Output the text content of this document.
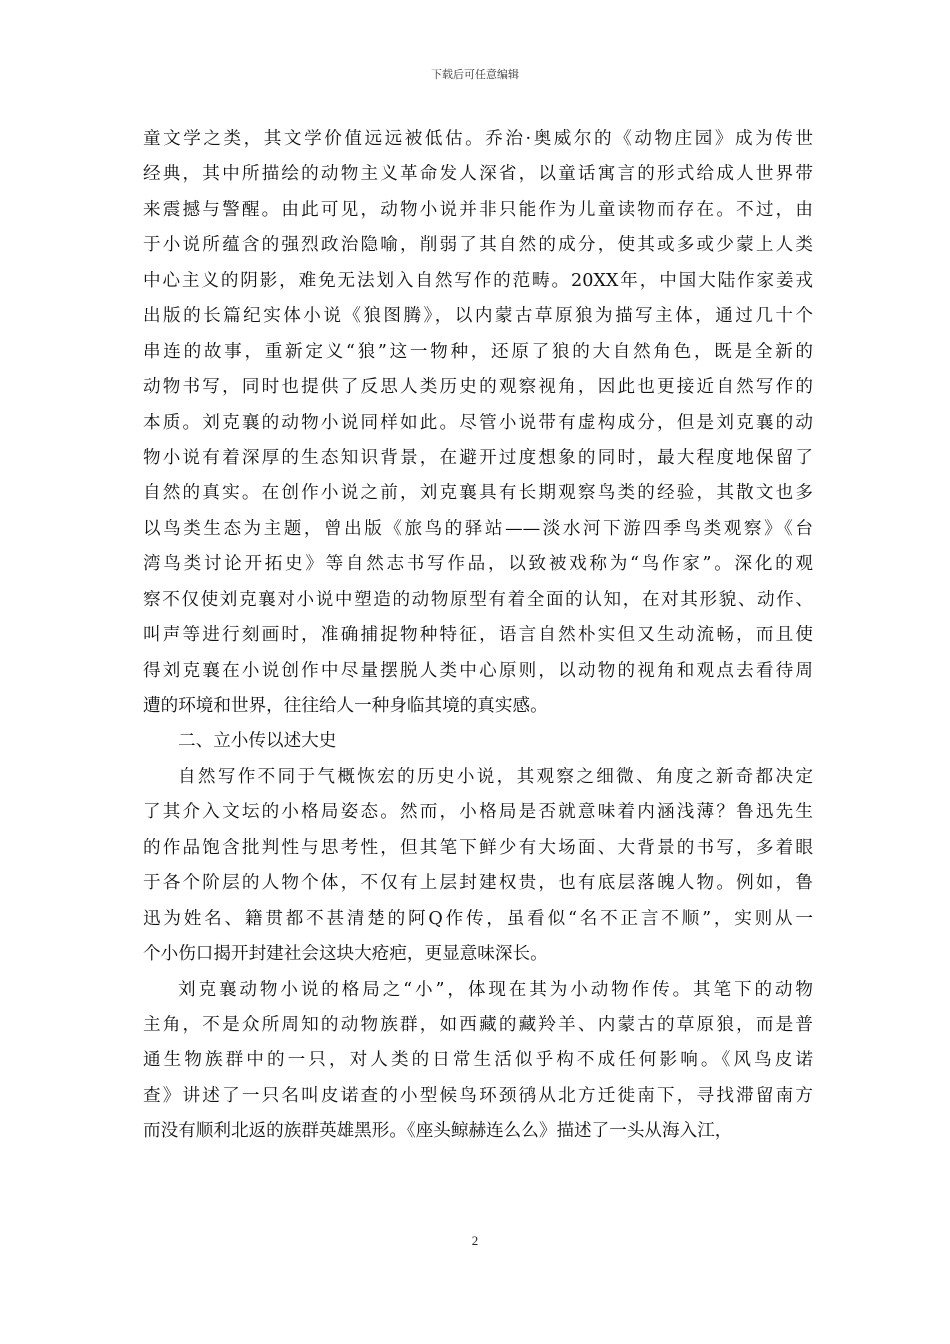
下载后可任意编辑
童文学之类，其文学价值远远被低估。乔治·奥威尔的《动物庄园》成为传世
经典，其中所描绘的动物主义革命发人深省，以童话寓言的形式给成人世界带
来震撼与警醒。由此可见，动物小说并非只能作为儿童读物而存在。不过，由
于小说所蕴含的强烈政治隐喻，削弱了其自然的成分，使其或多或少蒙上人类
中心主义的阴影，难免无法划入自然写作的范畴。20XX年，中国大陆作家姜戎
出版的长篇纪实体小说《狼图腾》，以内蒙古草原狼为描写主体，通过几十个
串连的故事，重新定义“狼”这一物种，还原了狼的大自然角色，既是全新的
动物书写，同时也提供了反思人类历史的观察视角，因此也更接近自然写作的
本质。刘克襄的动物小说同样如此。尽管小说带有虚构成分，但是刘克襄的动
物小说有着深厚的生态知识背景，在避开过度想象的同时，最大程度地保留了
自然的真实。在创作小说之前，刘克襄具有长期观察鸟类的经验，其散文也多
以鸟类生态为主题，曾出版《旅鸟的驿站——淡水河下游四季鸟类观察》《台
湾鸟类讨论开拓史》等自然志书写作品，以致被戏称为“鸟作家”。深化的观
察不仅使刘克襄对小说中塑造的动物原型有着全面的认知，在对其形貌、动作、
叫声等进行刻画时，准确捕捉物种特征，语言自然朴实但又生动流畅，而且使
得刘克襄在小说创作中尽量摆脱人类中心原则，以动物的视角和观点去看待周
遭的环境和世界，往往给人一种身临其境的真实感。
二、立小传以述大史
自然写作不同于气概恢宏的历史小说，其观察之细微、角度之新奇都决定
了其介入文坛的小格局姿态。然而，小格局是否就意味着内涵浅薄？鲁迅先生
的作品饱含批判性与思考性，但其笔下鲜少有大场面、大背景的书写，多着眼
于各个阶层的人物个体，不仅有上层封建权贵，也有底层落魄人物。例如，鲁
迅为姓名、籍贯都不甚清楚的阿Q作传，虽看似“名不正言不顺”，实则从一
个小伤口揭开封建社会这块大疮疤，更显意味深长。
刘克襄动物小说的格局之“小”，体现在其为小动物作传。其笔下的动物
主角，不是众所周知的动物族群，如西藏的藏羚羊、内蒙古的草原狼，而是普
通生物族群中的一只，对人类的日常生活似乎构不成任何影响。《风鸟皮诺
查》讲述了一只名叫皮诺查的小型候鸟环颈鸻从北方迁徙南下，寻找滞留南方
而没有顺利北返的族群英雄黑形。《座头鲸赫连么么》描述了一头从海入江，
2
